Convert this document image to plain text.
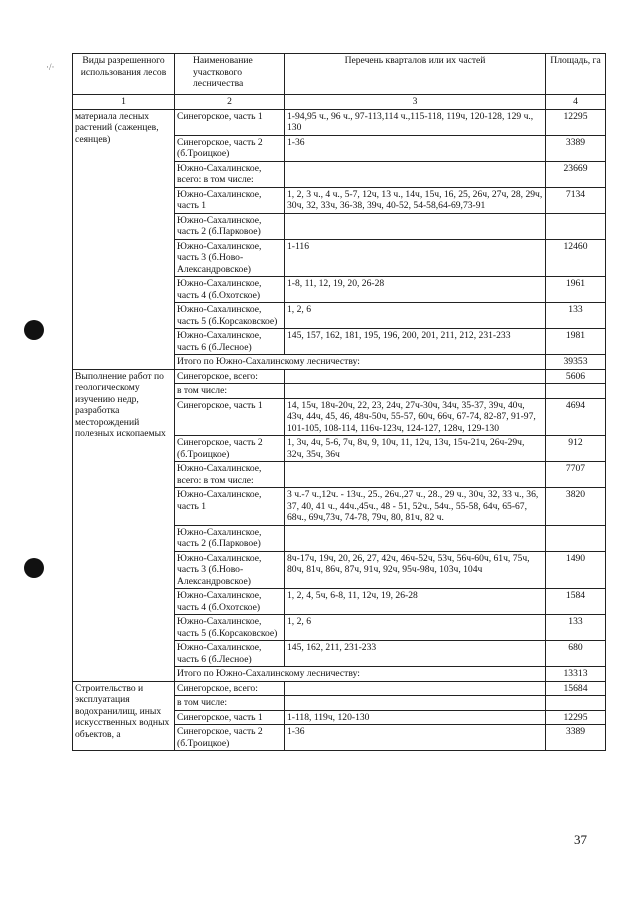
·/·
Виды разрешенного использования лесов	Наименование участкового лесничества	Перечень кварталов или их частей	Площадь, га
1	2	3	4
материала лесных растений (саженцев, сеянцев)	Синегорское, часть 1	1-94,95 ч., 96 ч., 97-113,114 ч.,115-118, 119ч, 120-128, 129 ч., 130	12295
	Синегорское, часть 2 (б.Троицкое)	1-36	3389
	Южно-Сахалинское, всего: в том числе:		23669
	Южно-Сахалинское, часть 1	1, 2, 3 ч., 4 ч., 5-7, 12ч, 13 ч., 14ч, 15ч, 16, 25, 26ч, 27ч, 28, 29ч, 30ч, 32, 33ч, 36-38, 39ч, 40-52, 54-58,64-69,73-91	7134
	Южно-Сахалинское, часть 2 (б.Парковое)		
	Южно-Сахалинское, часть 3 (б.Ново-Александровское)	1-116	12460
	Южно-Сахалинское, часть 4 (б.Охотское)	1-8, 11, 12, 19, 20, 26-28	1961
	Южно-Сахалинское, часть 5 (б.Корсаковское)	1, 2, 6	133
	Южно-Сахалинское, часть 6 (б.Лесное)	145, 157, 162, 181, 195, 196, 200, 201, 211, 212, 231-233	1981
	Итого по Южно-Сахалинскому лесничеству:		39353
Выполнение работ по геологическому изучению недр, разработка месторождений полезных ископаемых	Синегорское, всего:		5606
	в том числе:		
	Синегорское, часть 1	14, 15ч, 18ч-20ч, 22, 23, 24ч, 27ч-30ч, 34ч, 35-37, 39ч, 40ч, 43ч, 44ч, 45, 46, 48ч-50ч, 55-57, 60ч, 66ч, 67-74, 82-87, 91-97, 101-105, 108-114, 116ч-123ч, 124-127, 128ч, 129-130	4694
	Синегорское, часть 2 (б.Троицкое)	1, 3ч, 4ч, 5-6, 7ч, 8ч, 9, 10ч, 11, 12ч, 13ч, 15ч-21ч, 26ч-29ч, 32ч, 35ч, 36ч	912
	Южно-Сахалинское, всего: в том числе:		7707
	Южно-Сахалинское, часть 1	3 ч.-7 ч.,12ч. - 13ч., 25., 26ч.,27 ч., 28., 29 ч., 30ч, 32, 33 ч., 36, 37, 40, 41 ч., 44ч.,45ч., 48 - 51, 52ч., 54ч., 55-58, 64ч, 65-67, 68ч., 69ч,73ч, 74-78, 79ч, 80, 81ч, 82 ч.	3820
	Южно-Сахалинское, часть 2 (б.Парковое)		
	Южно-Сахалинское, часть 3 (б.Ново-Александровское)	8ч-17ч, 19ч, 20, 26, 27, 42ч, 46ч-52ч, 53ч, 56ч-60ч, 61ч, 75ч, 80ч, 81ч, 86ч, 87ч, 91ч, 92ч, 95ч-98ч, 103ч, 104ч	1490
	Южно-Сахалинское, часть 4 (б.Охотское)	1, 2, 4, 5ч, 6-8, 11, 12ч, 19, 26-28	1584
	Южно-Сахалинское, часть 5 (б.Корсаковское)	1, 2, 6	133
	Южно-Сахалинское, часть 6 (б.Лесное)	145, 162, 211, 231-233	680
	Итого по Южно-Сахалинскому лесничеству:		13313
Строительство и эксплуатация водохранилищ, иных искусственных водных объектов, а	Синегорское, всего:		15684
	в том числе:		
	Синегорское, часть 1	1-118, 119ч, 120-130	12295
	Синегорское, часть 2 (б.Троицкое)	1-36	3389
37
